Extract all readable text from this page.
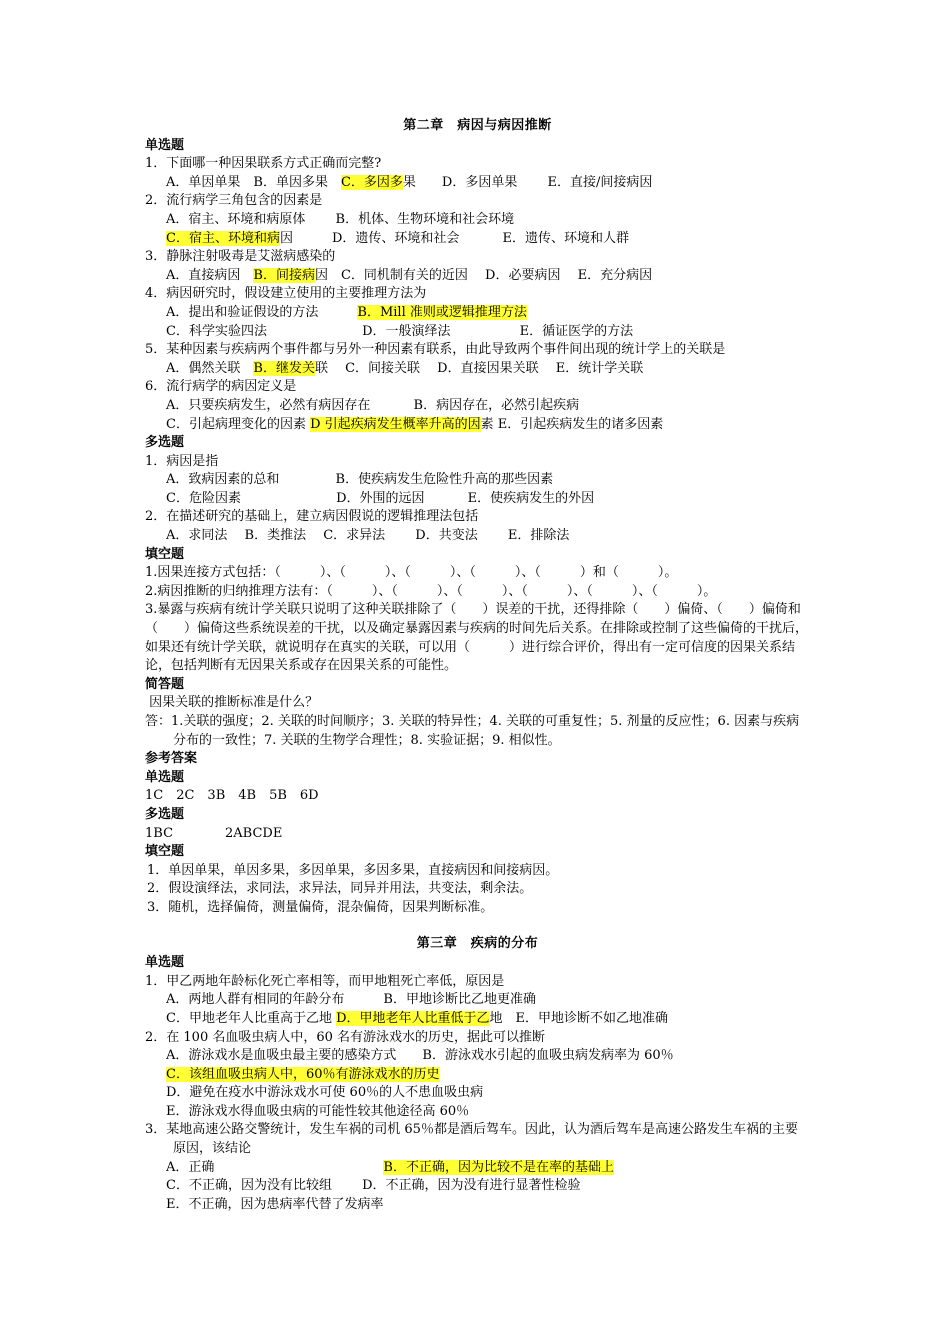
第二章　病因与病因推断
单选题
1．下面哪一种因果联系方式正确而完整?
A．单因单果　B．单因多果　C．多因多果　　D．多因单果　　 E．直接/间接病因
2．流行病学三角包含的因素是
A．宿主、环境和病原体　　 B．机体、生物环境和社会环境
C．宿主、环境和病因　　　D．遗传、环境和社会　　　 E．遗传、环境和人群
3．静脉注射吸毒是艾滋病感染的
A．直接病因　B．间接病因　C．同机制有关的近因　 D．必要病因　 E．充分病因
4．病因研究时，假设建立使用的主要推理方法为
A．提出和验证假设的方法　　　B．Mill 准则或逻辑推理方法
C．科学实验四法　　　　　　　 D．一般演绎法　　　　　 E．循证医学的方法
5．某种因素与疾病两个事件都与另外一种因素有联系，由此导致两个事件间出现的统计学上的关联是
A．偶然关联　B．继发关联　 C．间接关联　 D．直接因果关联　 E．统计学关联
6．流行病学的病因定义是
A．只要疾病发生，必然有病因存在　　　 B．病因存在，必然引起疾病
C．引起病理变化的因素 D 引起疾病发生概率升高的因素 E．引起疾病发生的诸多因素
多选题
1．病因是指
A．致病因素的总和　　　　 B．使疾病发生危险性升高的那些因素
C．危险因素　　　　　　　 D．外围的远因　　　 E．使疾病发生的外因
2．在描述研究的基础上，建立病因假说的逻辑推理法包括
A．求同法　 B．类推法　 C．求异法　　 D．共变法　　 E．排除法
填空题
1.因果连接方式包括：（　　　）、（　　　）、（　　　）、（　　　）、（　　　）和（　　　）。
2.病因推断的归纳推理方法有：（　　　）、（　　　）、（　　　）、（　　　）、（　　　）、（　　　）。
3.暴露与疾病有统计学关联只说明了这种关联排除了（　　）误差的干扰，还得排除（　　）偏倚、（　　）偏倚和（　　）偏倚这些系统误差的干扰，以及确定暴露因素与疾病的时间先后关系。在排除或控制了这些偏倚的干扰后，如果还有统计学关联，就说明存在真实的关联，可以用（　　　）进行综合评价，得出有一定可信度的因果关系结论，包括判断有无因果关系或存在因果关系的可能性。
简答题
因果关联的推断标准是什么？
答：1.关联的强度；2. 关联的时间顺序；3. 关联的特异性；4. 关联的可重复性；5. 剂量的反应性；6. 因素与疾病分布的一致性；7. 关联的生物学合理性；8. 实验证据；9. 相似性。
参考答案
单选题
1C　2C　3B　4B　5B　6D
多选题
1BC　　　　2ABCDE
填空题
1．单因单果，单因多果，多因单果，多因多果，直接病因和间接病因。
2．假设演绎法，求同法，求异法，同异并用法，共变法，剩余法。
3．随机，选择偏倚，测量偏倚，混杂偏倚，因果判断标准。
第三章　疾病的分布
单选题
1．甲乙两地年龄标化死亡率相等，而甲地粗死亡率低，原因是
A．两地人群有相同的年龄分布　　　B．甲地诊断比乙地更准确
C．甲地老年人比重高于乙地 D．甲地老年人比重低于乙地　E．甲地诊断不如乙地准确
2．在 100 名血吸虫病人中，60 名有游泳戏水的历史，据此可以推断
A．游泳戏水是血吸虫最主要的感染方式　　B．游泳戏水引起的血吸虫病发病率为 60％
C．该组血吸虫病人中，60％有游泳戏水的历史
D．避免在疫水中游泳戏水可使 60％的人不患血吸虫病
E．游泳戏水得血吸虫病的可能性较其他途径高 60％
3．某地高速公路交警统计，发生车祸的司机 65％都是酒后驾车。因此，认为酒后驾车是高速公路发生车祸的主要原因，该结论
A．正确　　　　　　　　　　　　　B．不正确，因为比较不是在率的基础上
C．不正确，因为没有比较组　　 D．不正确，因为没有进行显著性检验
E．不正确，因为患病率代替了发病率
